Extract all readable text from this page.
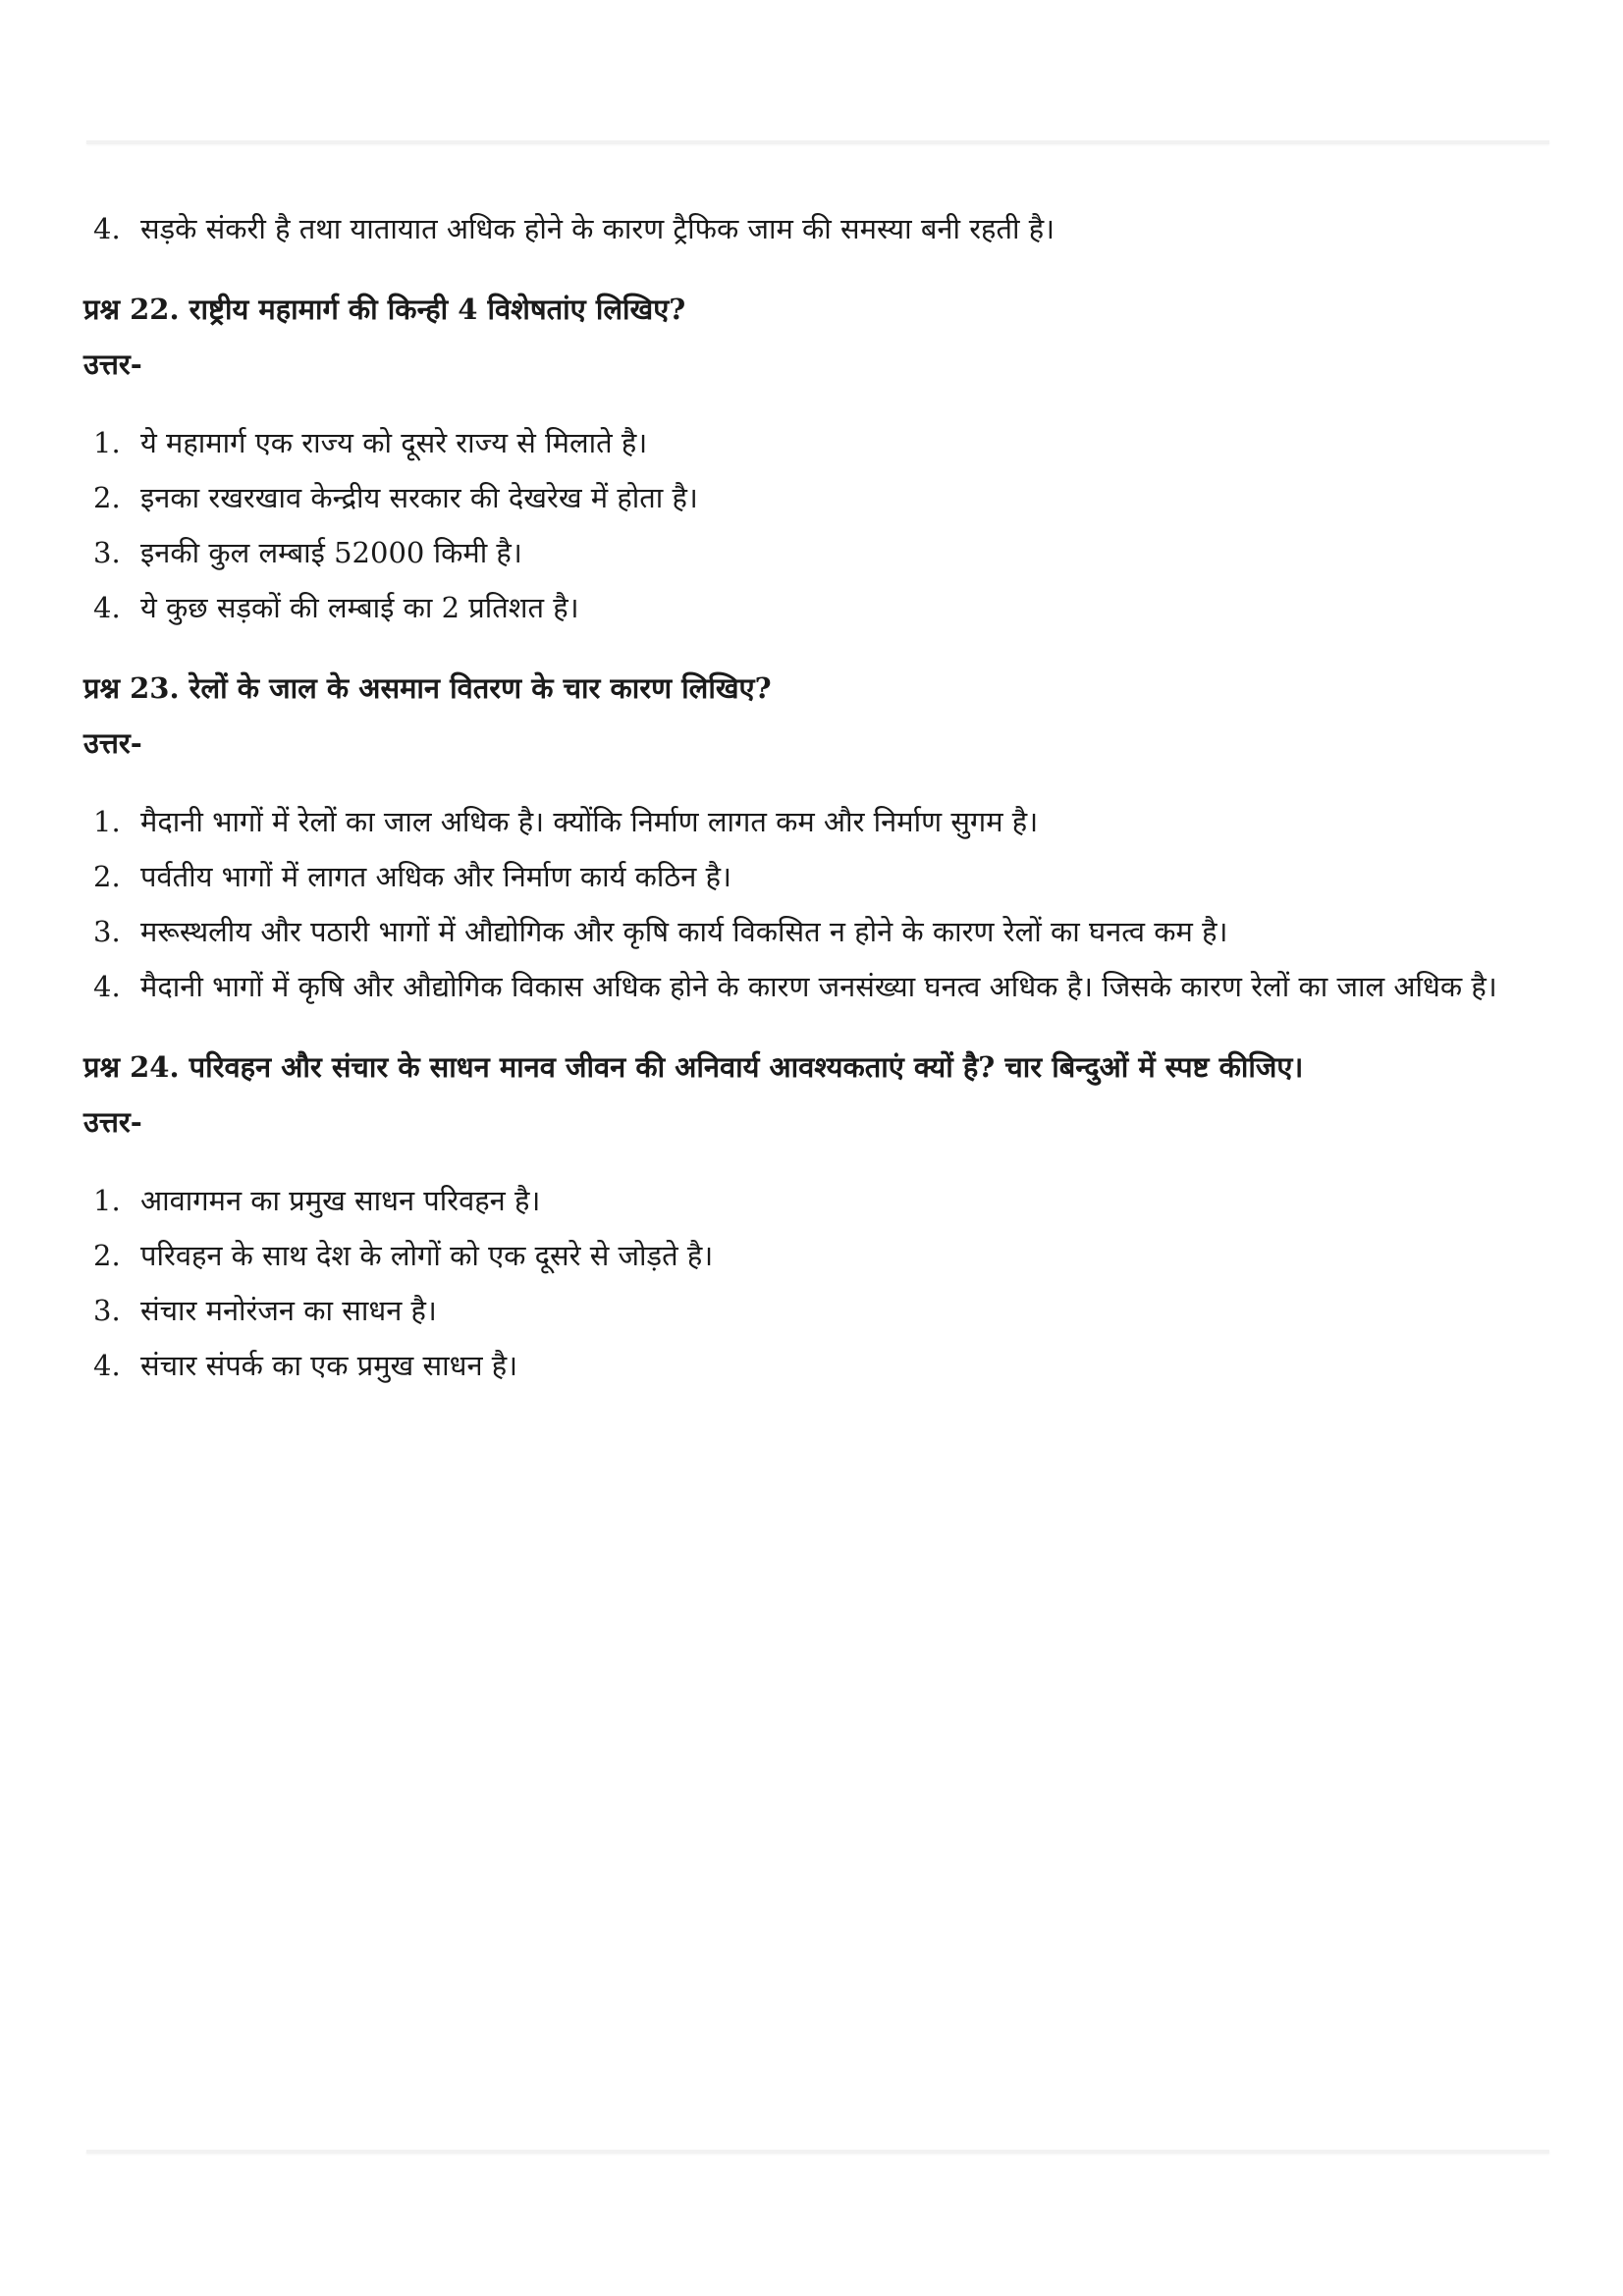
4. सड़के संकरी है तथा यातायात अधिक होने के कारण ट्रैफिक जाम की समस्या बनी रहती है।

प्रश्न 22. राष्ट्रीय महामार्ग की किन्ही 4 विशेषतांए लिखिए?

उत्तर-

1. ये महामार्ग एक राज्य को दूसरे राज्य से मिलाते है।
2. इनका रखरखाव केन्द्रीय सरकार की देखरेख में होता है।
3. इनकी कुल लम्बाई 52000 किमी है।
4. ये कुछ सड़कों की लम्बाई का 2 प्रतिशत है।

प्रश्न 23. रेलों के जाल के असमान वितरण के चार कारण लिखिए?

उत्तर-

1. मैदानी भागों में रेलों का जाल अधिक है। क्योंकि निर्माण लागत कम और निर्माण सुगम है।
2. पर्वतीय भागों में लागत अधिक और निर्माण कार्य कठिन है।
3. मरूस्थलीय और पठारी भागों में औद्योगिक और कृषि कार्य विकसित न होने के कारण रेलों का घनत्व कम है।
4. मैदानी भागों में कृषि और औद्योगिक विकास अधिक होने के कारण जनसंख्या घनत्व अधिक है। जिसके कारण रेलों का जाल अधिक है।

प्रश्न 24. परिवहन और संचार के साधन मानव जीवन की अनिवार्य आवश्यकताएं क्यों है? चार बिन्दुओं में स्पष्ट कीजिए।

उत्तर-

1. आवागमन का प्रमुख साधन परिवहन है।
2. परिवहन के साथ देश के लोगों को एक दूसरे से जोड़ते है।
3. संचार मनोरंजन का साधन है।
4. संचार संपर्क का एक प्रमुख साधन है।
